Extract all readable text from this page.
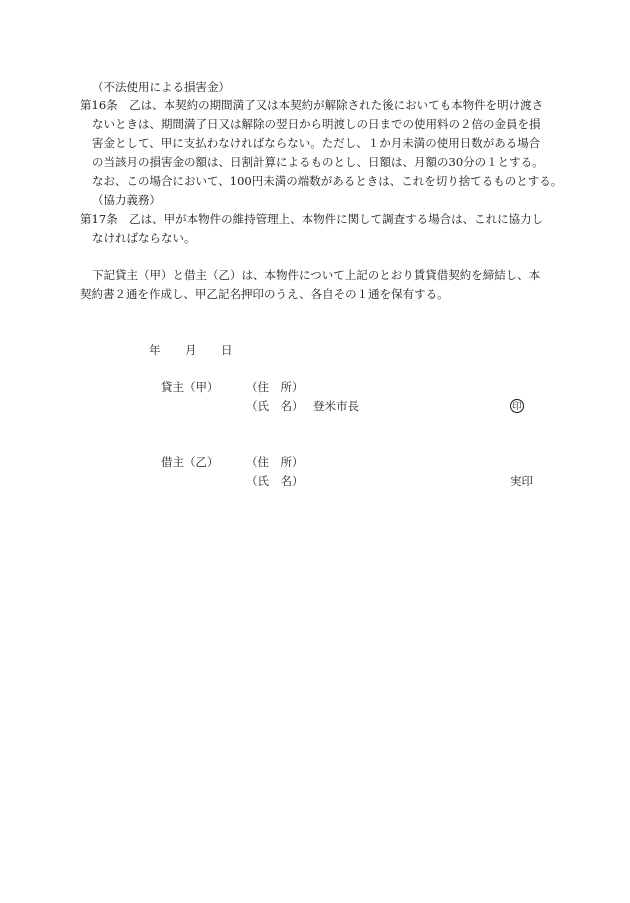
（不法使用による損害金）
第16条　乙は、本契約の期間満了又は本契約が解除された後においても本物件を明け渡さ
ないときは、期間満了日又は解除の翌日から明渡しの日までの使用料の２倍の金員を損
害金として、甲に支払わなければならない。ただし、１か月未満の使用日数がある場合
の当該月の損害金の額は、日割計算によるものとし、日額は、月額の30分の１とする。
なお、この場合において、100円未満の端数があるときは、これを切り捨てるものとする。
（協力義務）
第17条　乙は、甲が本物件の維持管理上、本物件に関して調査する場合は、これに協力し
なければならない。
下記貸主（甲）と借主（乙）は、本物件について上記のとおり賃貸借契約を締結し、本
契約書２通を作成し、甲乙記名押印のうえ、各自その１通を保有する。
年 月 日
貸主（甲） （住　所）
（氏　名） 登米市長	印
借主（乙） （住　所）
（氏　名）	実印
